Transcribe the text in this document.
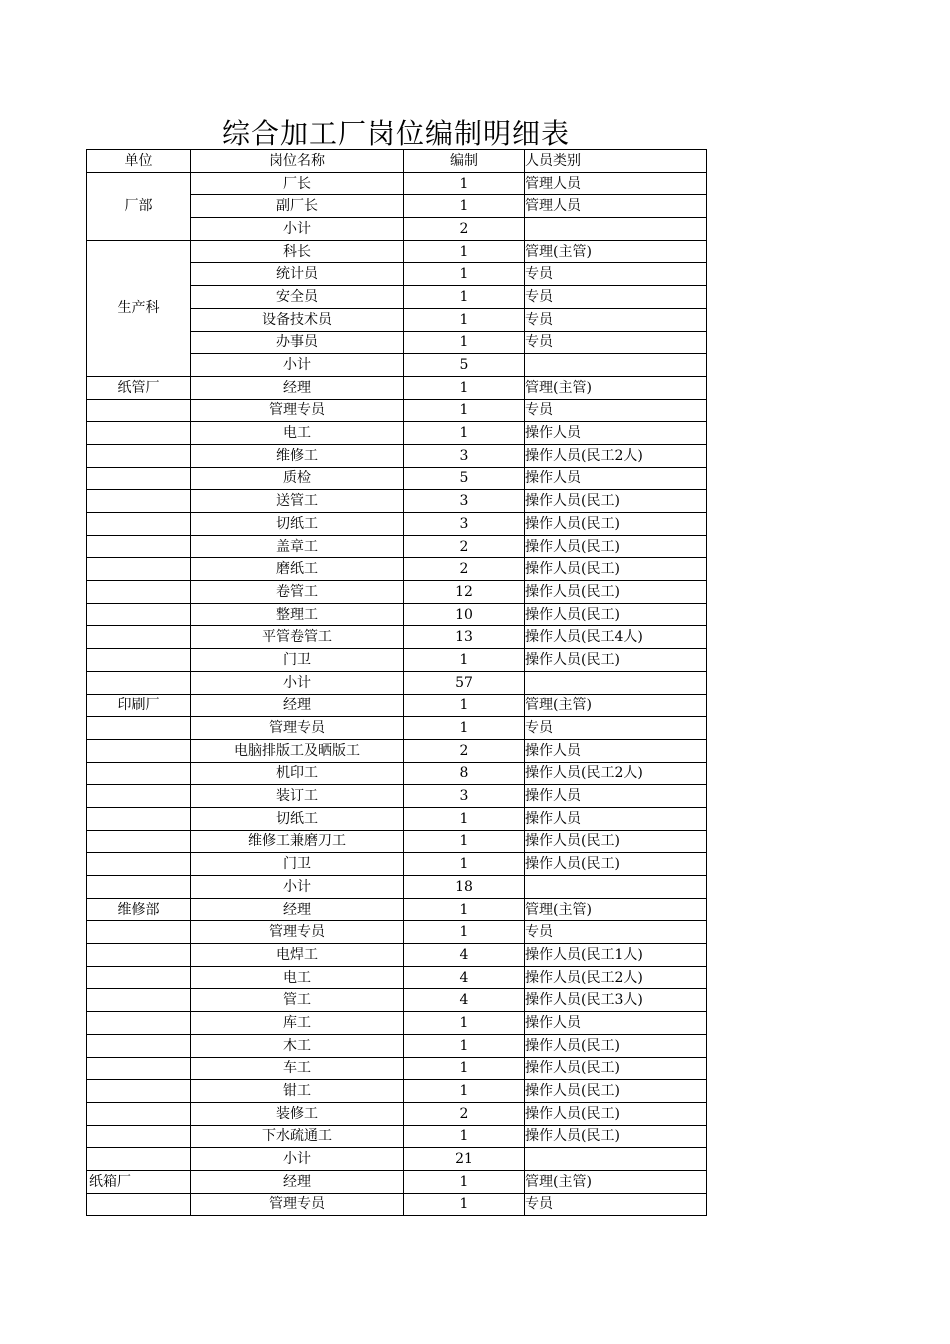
综合加工厂岗位编制明细表
单位	岗位名称	编制	人员类别
厂部	厂长	1	管理人员
	副厂长	1	管理人员
	小计	2	
生产科	科长	1	管理(主管)
	统计员	1	专员
	安全员	1	专员
	设备技术员	1	专员
	办事员	1	专员
	小计	5	
纸管厂	经理	1	管理(主管)
	管理专员	1	专员
	电工	1	操作人员
	维修工	3	操作人员(民工2人)
	质检	5	操作人员
	送管工	3	操作人员(民工)
	切纸工	3	操作人员(民工)
	盖章工	2	操作人员(民工)
	磨纸工	2	操作人员(民工)
	卷管工	12	操作人员(民工)
	整理工	10	操作人员(民工)
	平管卷管工	13	操作人员(民工4人)
	门卫	1	操作人员(民工)
	小计	57	
印刷厂	经理	1	管理(主管)
	管理专员	1	专员
	电脑排版工及晒版工	2	操作人员
	机印工	8	操作人员(民工2人)
	装订工	3	操作人员
	切纸工	1	操作人员
	维修工兼磨刀工	1	操作人员(民工)
	门卫	1	操作人员(民工)
	小计	18	
维修部	经理	1	管理(主管)
	管理专员	1	专员
	电焊工	4	操作人员(民工1人)
	电工	4	操作人员(民工2人)
	管工	4	操作人员(民工3人)
	库工	1	操作人员
	木工	1	操作人员(民工)
	车工	1	操作人员(民工)
	钳工	1	操作人员(民工)
	装修工	2	操作人员(民工)
	下水疏通工	1	操作人员(民工)
	小计	21	
纸箱厂	经理	1	管理(主管)
	管理专员	1	专员
